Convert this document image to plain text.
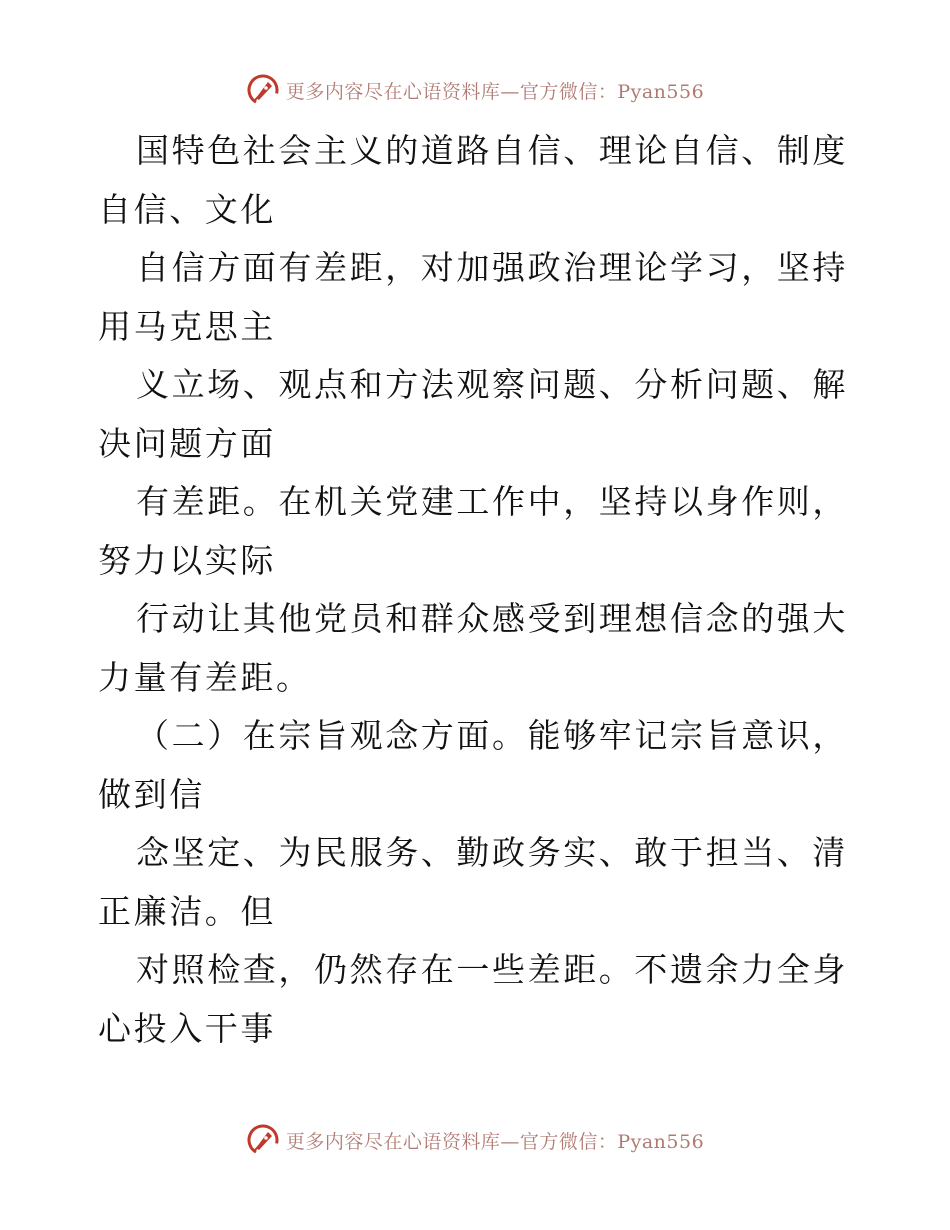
更多内容尽在心语资料库—官方微信：Pyan556

国特色社会主义的道路自信、理论自信、制度自信、文化

自信方面有差距，对加强政治理论学习，坚持用马克思主

义立场、观点和方法观察问题、分析问题、解决问题方面

有差距。在机关党建工作中，坚持以身作则，努力以实际

行动让其他党员和群众感受到理想信念的强大力量有差距。

（二）在宗旨观念方面。能够牢记宗旨意识，做到信

念坚定、为民服务、勤政务实、敢于担当、清正廉洁。但

对照检查，仍然存在一些差距。不遗余力全身心投入干事

更多内容尽在心语资料库—官方微信：Pyan556
